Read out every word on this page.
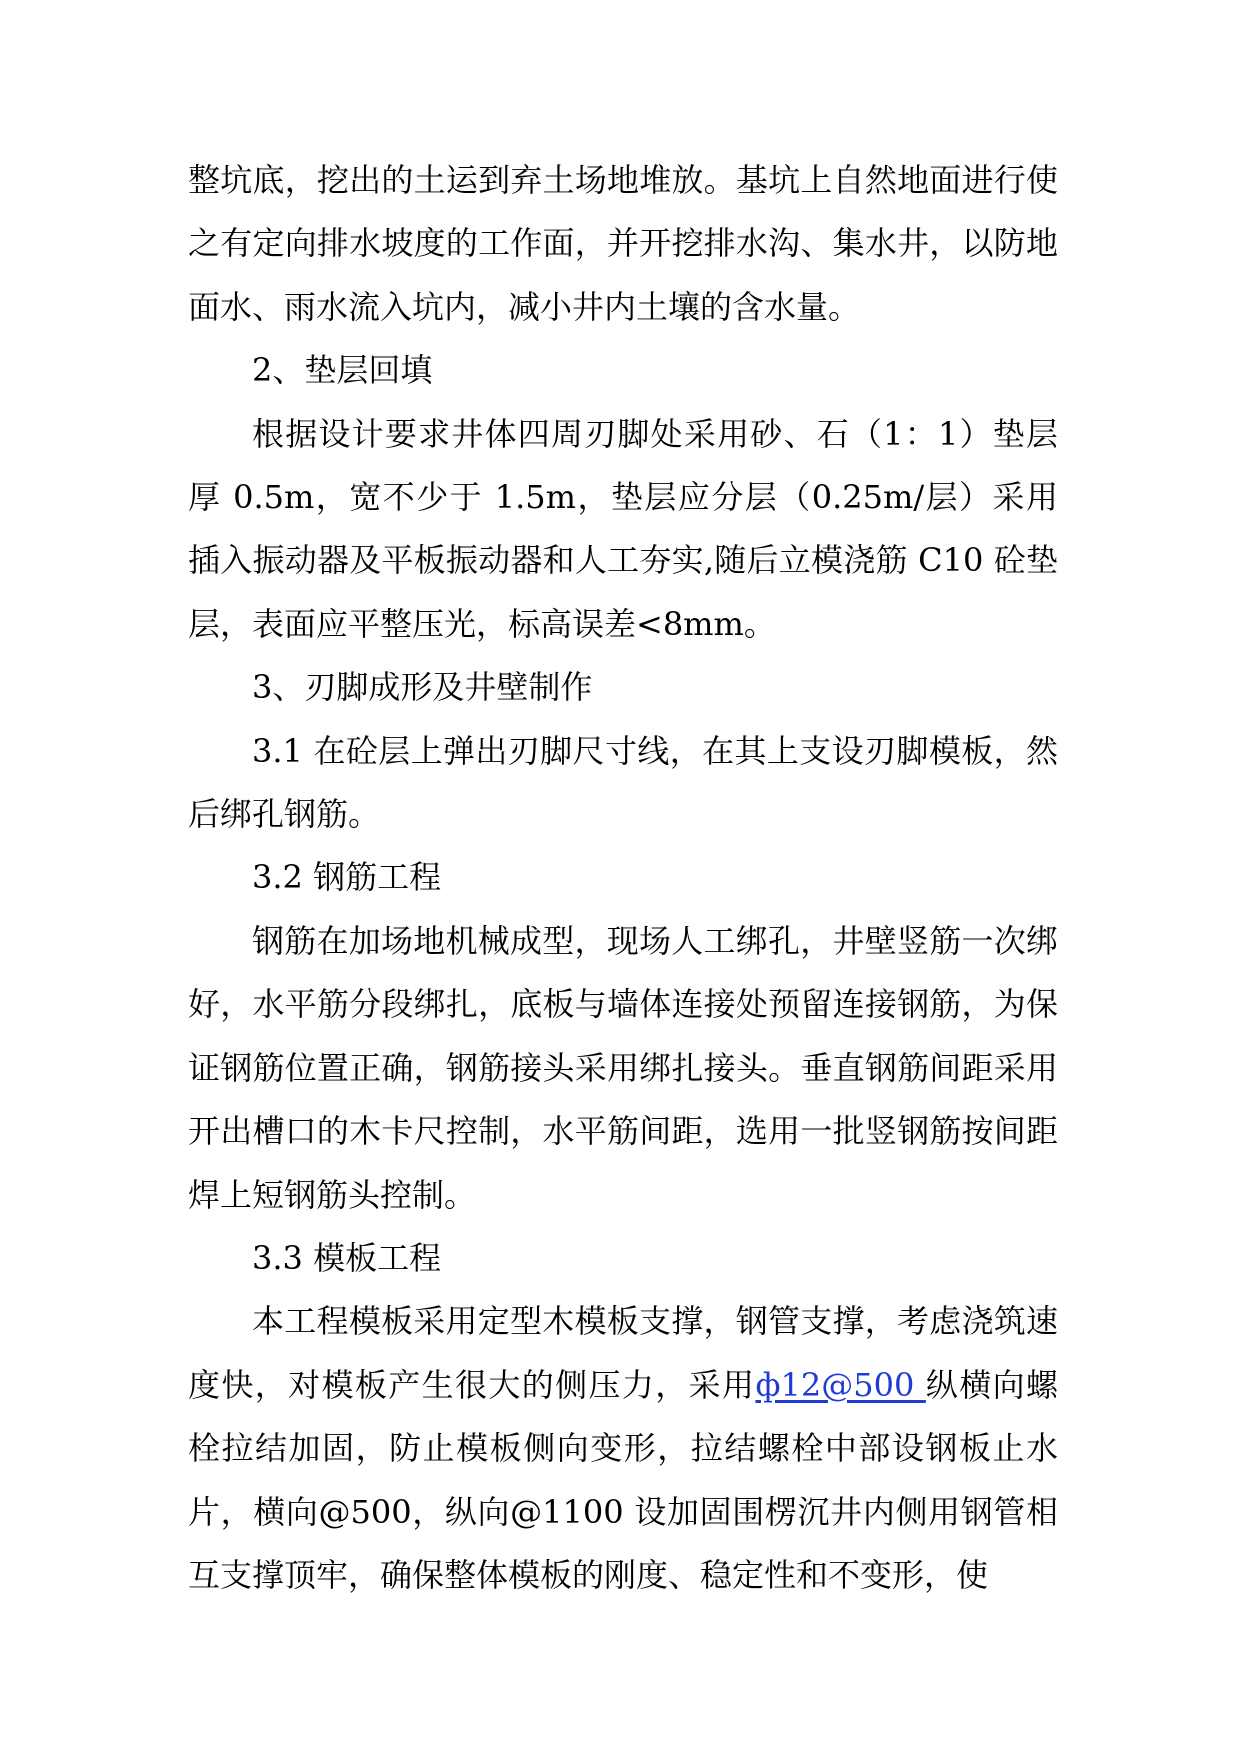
整坑底，挖出的土运到弃土场地堆放。基坑上自然地面进行使之有定向排水坡度的工作面，并开挖排水沟、集水井，以防地面水、雨水流入坑内，减小井内土壤的含水量。

2、垫层回填

根据设计要求井体四周刃脚处采用砂、石（1：1）垫层厚 0.5m，宽不少于 1.5m，垫层应分层（0.25m/层）采用插入振动器及平板振动器和人工夯实,随后立模浇筋 C10 砼垫层，表面应平整压光，标高误差<8mm。

3、刃脚成形及井壁制作

3.1 在砼层上弹出刃脚尺寸线，在其上支设刃脚模板，然后绑孔钢筋。

3.2 钢筋工程

钢筋在加场地机械成型，现场人工绑孔，井壁竖筋一次绑好，水平筋分段绑扎，底板与墙体连接处预留连接钢筋，为保证钢筋位置正确，钢筋接头采用绑扎接头。垂直钢筋间距采用开出槽口的木卡尺控制，水平筋间距，选用一批竖钢筋按间距焊上短钢筋头控制。

3.3 模板工程

本工程模板采用定型木模板支撑，钢管支撑，考虑浇筑速度快，对模板产生很大的侧压力，采用ф12@500 纵横向螺栓拉结加固，防止模板侧向变形，拉结螺栓中部设钢板止水片，横向@500，纵向@1100 设加固围楞沉井内侧用钢管相互支撑顶牢，确保整体模板的刚度、稳定性和不变形，使
